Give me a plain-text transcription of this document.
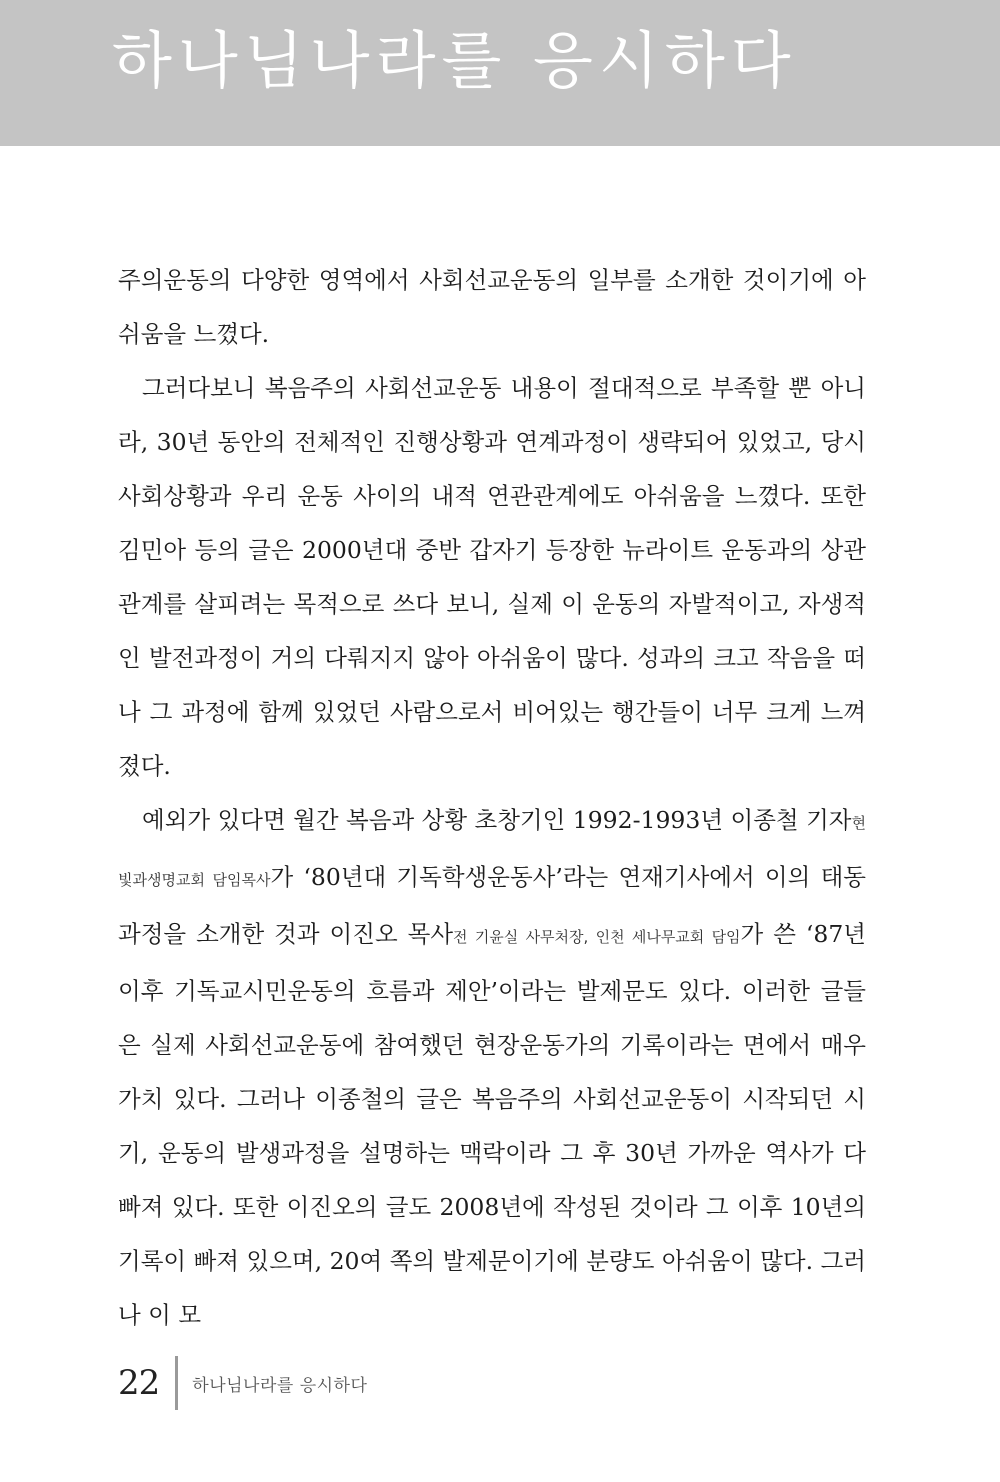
하나님나라를 응시하다

주의운동의 다양한 영역에서 사회선교운동의 일부를 소개한 것이기에 아쉬움을 느꼈다.

그러다보니 복음주의 사회선교운동 내용이 절대적으로 부족할 뿐 아니라, 30년 동안의 전체적인 진행상황과 연계과정이 생략되어 있었고, 당시 사회상황과 우리 운동 사이의 내적 연관관계에도 아쉬움을 느꼈다. 또한 김민아 등의 글은 2000년대 중반 갑자기 등장한 뉴라이트 운동과의 상관관계를 살피려는 목적으로 쓰다 보니, 실제 이 운동의 자발적이고, 자생적인 발전과정이 거의 다뤄지지 않아 아쉬움이 많다. 성과의 크고 작음을 떠나 그 과정에 함께 있었던 사람으로서 비어있는 행간들이 너무 크게 느껴졌다.

예외가 있다면 월간 복음과 상황 초창기인 1992-1993년 이종철 기자현 빛과생명교회 담임목사가 ‘80년대 기독학생운동사’라는 연재기사에서 이의 태동과정을 소개한 것과 이진오 목사전 기윤실 사무처장, 인천 세나무교회 담임가 쓴 ‘87년 이후 기독교시민운동의 흐름과 제안’이라는 발제문도 있다. 이러한 글들은 실제 사회선교운동에 참여했던 현장운동가의 기록이라는 면에서 매우 가치 있다. 그러나 이종철의 글은 복음주의 사회선교운동이 시작되던 시기, 운동의 발생과정을 설명하는 맥락이라 그 후 30년 가까운 역사가 다 빠져 있다. 또한 이진오의 글도 2008년에 작성된 것이라 그 이후 10년의 기록이 빠져 있으며, 20여 쪽의 발제문이기에 분량도 아쉬움이 많다. 그러나 이 모

22 하나님나라를 응시하다
